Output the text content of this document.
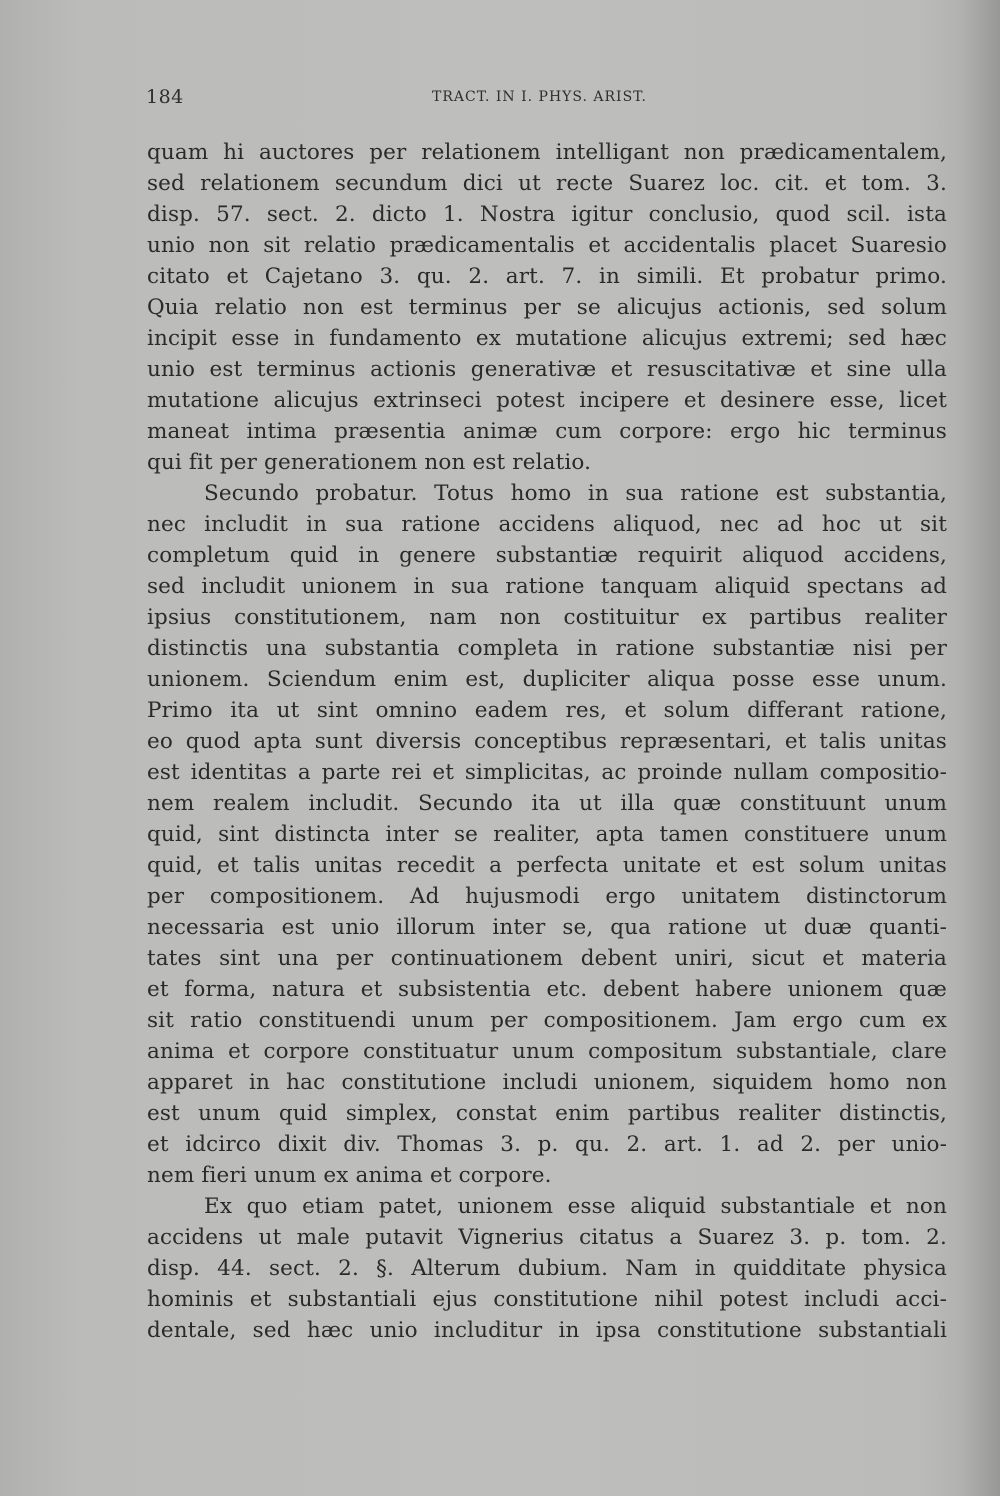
184	TRACT. IN I. PHYS. ARIST.
quam hi auctores per relationem intelligant non prædicamentalem,
sed relationem secundum dici ut recte Suarez loc. cit. et tom. 3.
disp. 57. sect. 2. dicto 1. Nostra igitur conclusio, quod scil. ista
unio non sit relatio prædicamentalis et accidentalis placet Suaresio
citato et Cajetano 3. qu. 2. art. 7. in simili. Et probatur primo.
Quia relatio non est terminus per se alicujus actionis, sed solum
incipit esse in fundamento ex mutatione alicujus extremi; sed hæc
unio est terminus actionis generativæ et resuscitativæ et sine ulla
mutatione alicujus extrinseci potest incipere et desinere esse, licet
maneat intima præsentia animæ cum corpore: ergo hic terminus
qui fit per generationem non est relatio.
Secundo probatur. Totus homo in sua ratione est substantia,
nec includit in sua ratione accidens aliquod, nec ad hoc ut sit
completum quid in genere substantiæ requirit aliquod accidens,
sed includit unionem in sua ratione tanquam aliquid spectans ad
ipsius constitutionem, nam non costituitur ex partibus realiter
distinctis una substantia completa in ratione substantiæ nisi per
unionem. Sciendum enim est, dupliciter aliqua posse esse unum.
Primo ita ut sint omnino eadem res, et solum differant ratione,
eo quod apta sunt diversis conceptibus repræsentari, et talis unitas
est identitas a parte rei et simplicitas, ac proinde nullam compositio-
nem realem includit. Secundo ita ut illa quæ constituunt unum
quid, sint distincta inter se realiter, apta tamen constituere unum
quid, et talis unitas recedit a perfecta unitate et est solum unitas
per compositionem. Ad hujusmodi ergo unitatem distinctorum
necessaria est unio illorum inter se, qua ratione ut duæ quanti-
tates sint una per continuationem debent uniri, sicut et materia
et forma, natura et subsistentia etc. debent habere unionem quæ
sit ratio constituendi unum per compositionem. Jam ergo cum ex
anima et corpore constituatur unum compositum substantiale, clare
apparet in hac constitutione includi unionem, siquidem homo non
est unum quid simplex, constat enim partibus realiter distinctis,
et idcirco dixit div. Thomas 3. p. qu. 2. art. 1. ad 2. per unio-
nem fieri unum ex anima et corpore.
Ex quo etiam patet, unionem esse aliquid substantiale et non
accidens ut male putavit Vignerius citatus a Suarez 3. p. tom. 2.
disp. 44. sect. 2. §. Alterum dubium. Nam in quidditate physica
hominis et substantiali ejus constitutione nihil potest includi acci-
dentale, sed hæc unio includitur in ipsa constitutione substantiali
